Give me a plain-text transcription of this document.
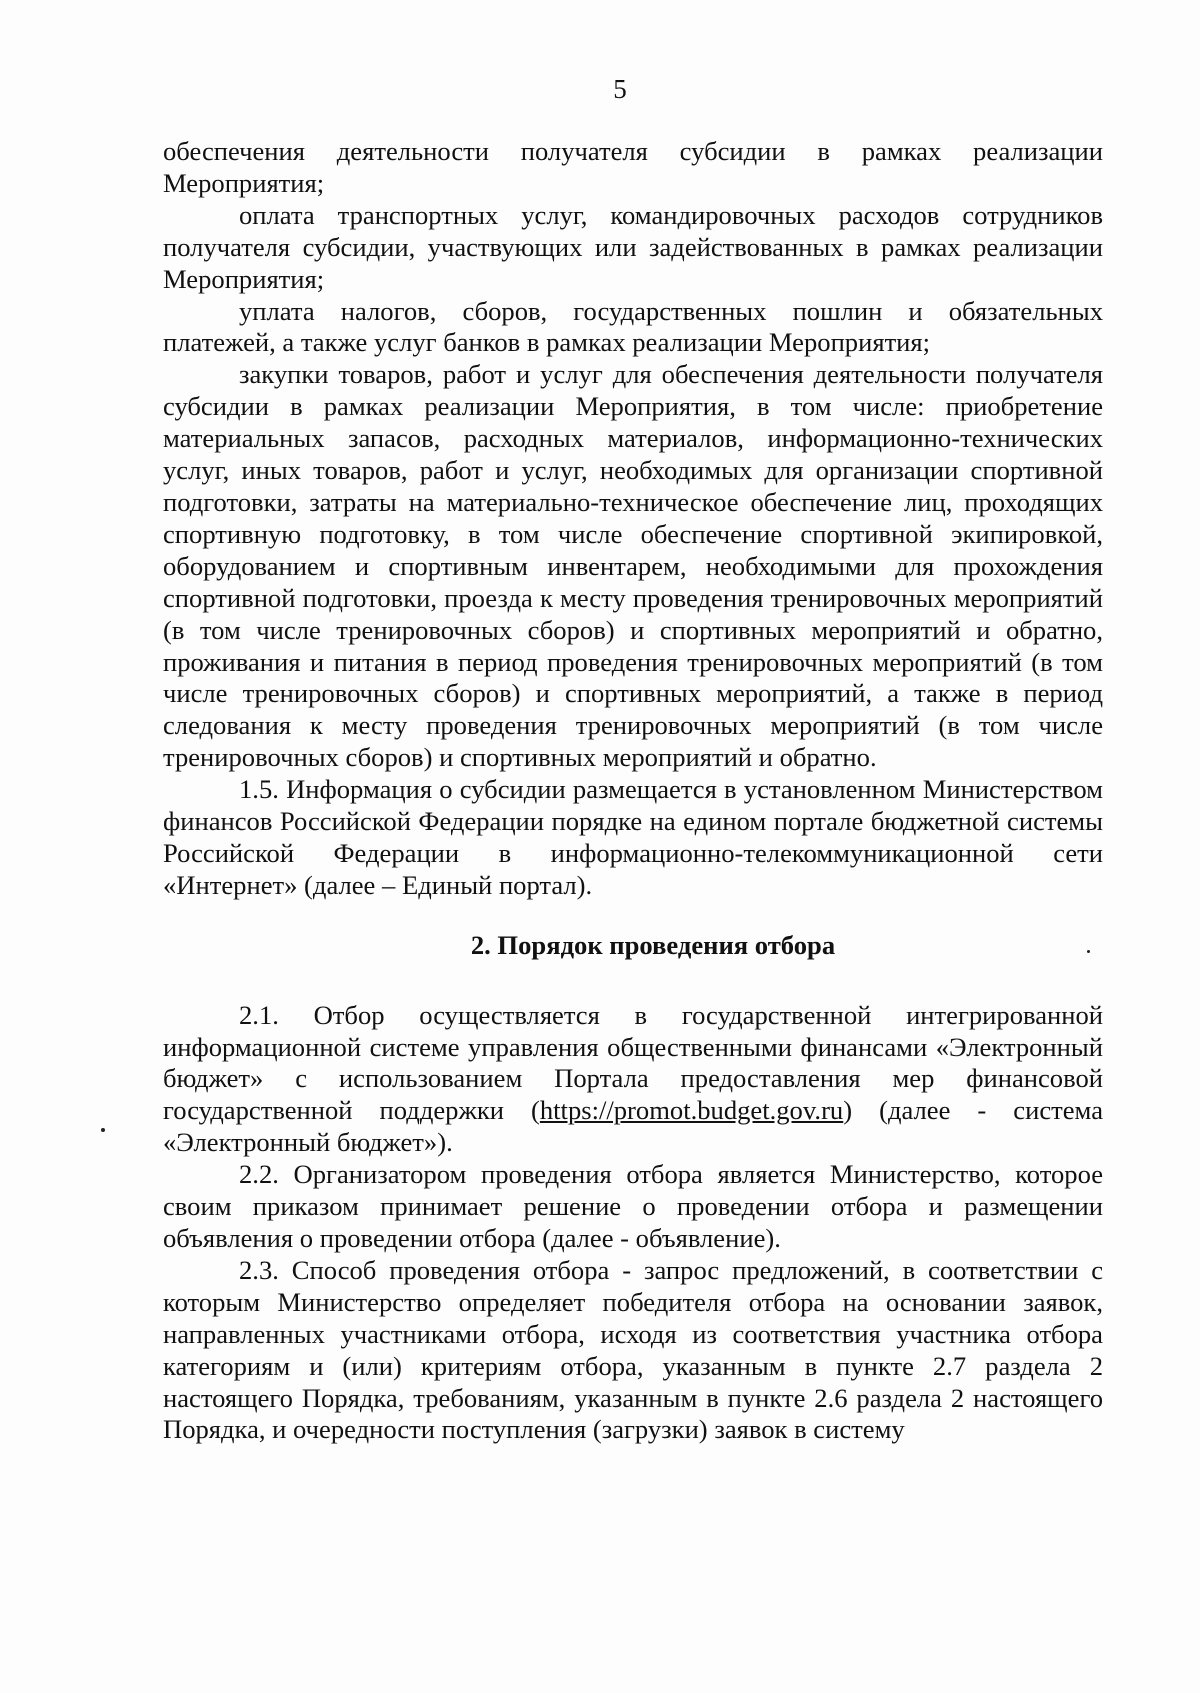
5

обеспечения деятельности получателя субсидии в рамках реализации Мероприятия;

оплата транспортных услуг, командировочных расходов сотрудников получателя субсидии, участвующих или задействованных в рамках реализации Мероприятия;

уплата налогов, сборов, государственных пошлин и обязательных платежей, а также услуг банков в рамках реализации Мероприятия;

закупки товаров, работ и услуг для обеспечения деятельности получателя субсидии в рамках реализации Мероприятия, в том числе: приобретение материальных запасов, расходных материалов, информационно-технических услуг, иных товаров, работ и услуг, необходимых для организации спортивной подготовки, затраты на материально-техническое обеспечение лиц, проходящих спортивную подготовку, в том числе обеспечение спортивной экипировкой, оборудованием и спортивным инвентарем, необходимыми для прохождения спортивной подготовки, проезда к месту проведения тренировочных мероприятий (в том числе тренировочных сборов) и спортивных мероприятий и обратно, проживания и питания в период проведения тренировочных мероприятий (в том числе тренировочных сборов) и спортивных мероприятий, а также в период следования к месту проведения тренировочных мероприятий (в том числе тренировочных сборов) и спортивных мероприятий и обратно.

1.5. Информация о субсидии размещается в установленном Министерством финансов Российской Федерации порядке на едином портале бюджетной системы Российской Федерации в информационно-телекоммуникационной сети «Интернет» (далее – Единый портал).

2. Порядок проведения отбора

2.1. Отбор осуществляется в государственной интегрированной информационной системе управления общественными финансами «Электронный бюджет» с использованием Портала предоставления мер финансовой государственной поддержки (https://promot.budget.gov.ru) (далее - система «Электронный бюджет»).

2.2. Организатором проведения отбора является Министерство, которое своим приказом принимает решение о проведении отбора и размещении объявления о проведении отбора (далее - объявление).

2.3. Способ проведения отбора - запрос предложений, в соответствии с которым Министерство определяет победителя отбора на основании заявок, направленных участниками отбора, исходя из соответствия участника отбора категориям и (или) критериям отбора, указанным в пункте 2.7 раздела 2 настоящего Порядка, требованиям, указанным в пункте 2.6 раздела 2 настоящего Порядка, и очередности поступления (загрузки) заявок в систему
